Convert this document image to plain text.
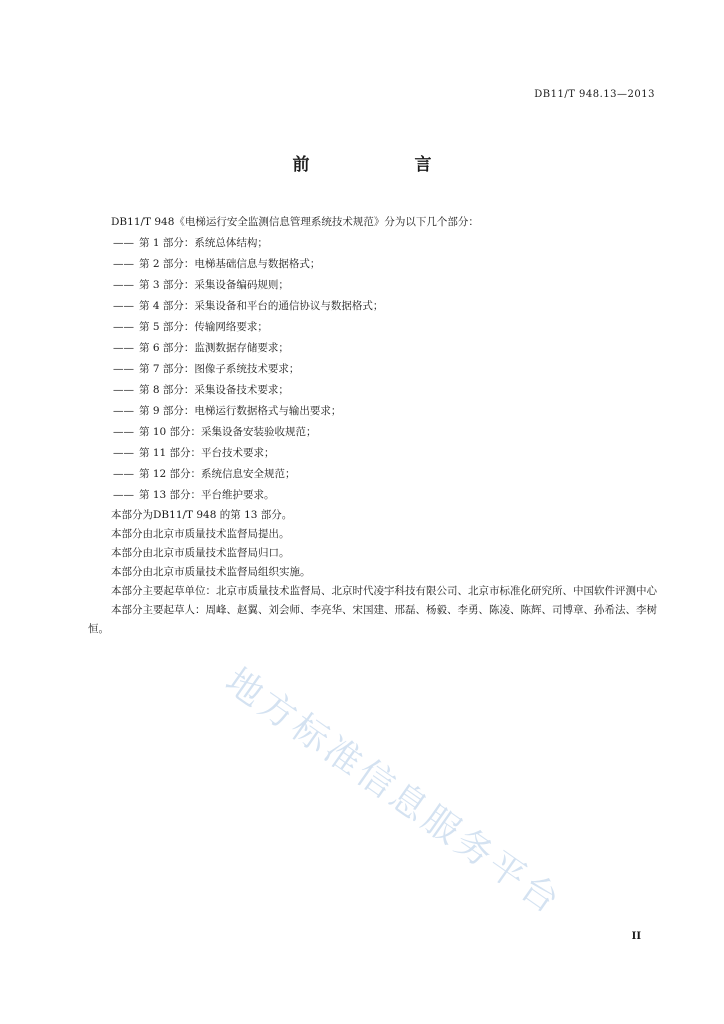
DB11/T 948.13—2013
前　言
DB11/T 948《电梯运行安全监测信息管理系统技术规范》分为以下几个部分：
—— 第 1 部分：系统总体结构；
—— 第 2 部分：电梯基础信息与数据格式；
—— 第 3 部分：采集设备编码规则；
—— 第 4 部分：采集设备和平台的通信协议与数据格式；
—— 第 5 部分：传输网络要求；
—— 第 6 部分：监测数据存储要求；
—— 第 7 部分：图像子系统技术要求；
—— 第 8 部分：采集设备技术要求；
—— 第 9 部分：电梯运行数据格式与输出要求；
—— 第 10 部分：采集设备安装验收规范；
—— 第 11 部分：平台技术要求；
—— 第 12 部分：系统信息安全规范；
—— 第 13 部分：平台维护要求。
本部分为DB11/T 948 的第 13 部分。
本部分由北京市质量技术监督局提出。
本部分由北京市质量技术监督局归口。
本部分由北京市质量技术监督局组织实施。
本部分主要起草单位：北京市质量技术监督局、北京时代凌宇科技有限公司、北京市标准化研究所、中国软件评测中心
本部分主要起草人：周峰、赵翼、刘会师、李亮华、宋国建、邢磊、杨毅、李勇、陈凌、陈辉、司博章、孙希法、李树恒。
地方标准信息服务平台
II
